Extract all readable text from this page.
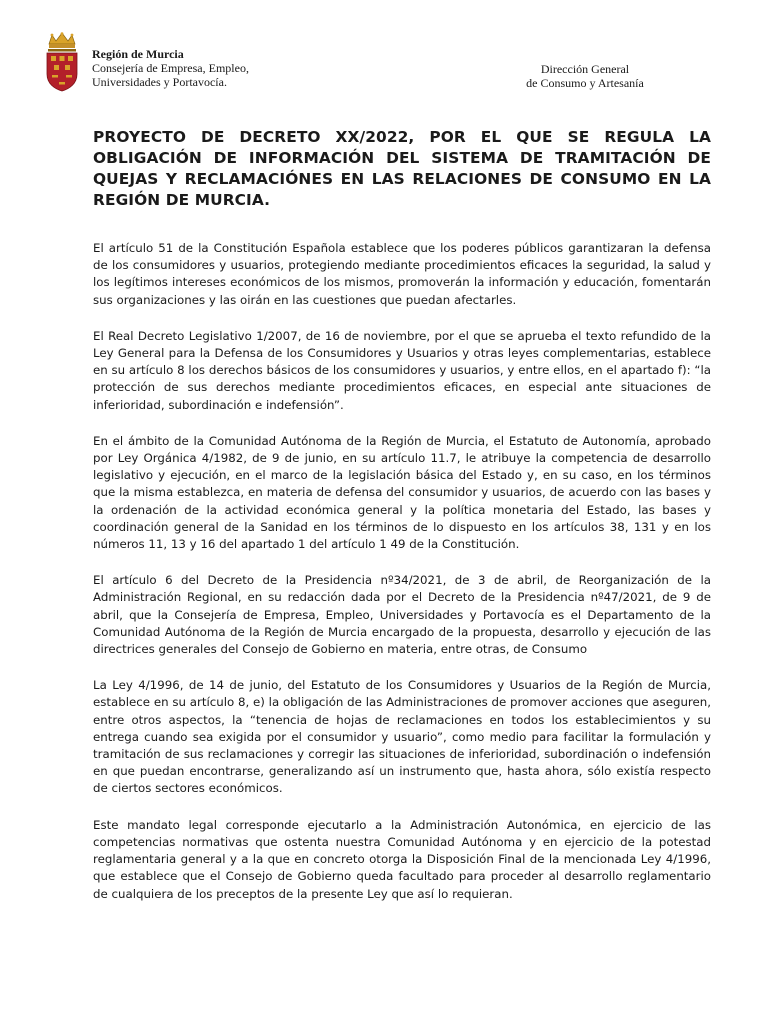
Región de Murcia
Consejería de Empresa, Empleo,
Universidades y Portavocía.
Dirección General
de Consumo y Artesanía
PROYECTO DE DECRETO XX/2022, POR EL QUE SE REGULA LA OBLIGACIÓN DE INFORMACIÓN DEL SISTEMA DE TRAMITACIÓN DE QUEJAS Y RECLAMACIÓNES EN LAS RELACIONES DE CONSUMO EN LA REGIÓN DE MURCIA.

El artículo 51 de la Constitución Española establece que los poderes públicos garantizaran la defensa de los consumidores y usuarios, protegiendo mediante procedimientos eficaces la seguridad, la salud y los legítimos intereses económicos de los mismos, promoverán la información y educación, fomentarán sus organizaciones y las oirán en las cuestiones que puedan afectarles.

El Real Decreto Legislativo 1/2007, de 16 de noviembre, por el que se aprueba el texto refundido de la Ley General para la Defensa de los Consumidores y Usuarios y otras leyes complementarias, establece en su artículo 8 los derechos básicos de los consumidores y usuarios, y entre ellos, en el apartado f): “la protección de sus derechos mediante procedimientos eficaces, en especial ante situaciones de inferioridad, subordinación e indefensión”.

En el ámbito de la Comunidad Autónoma de la Región de Murcia, el Estatuto de Autonomía, aprobado por Ley Orgánica 4/1982, de 9 de junio, en su artículo 11.7, le atribuye la competencia de desarrollo legislativo y ejecución, en el marco de la legislación básica del Estado y, en su caso, en los términos que la misma establezca, en materia de defensa del consumidor y usuarios, de acuerdo con las bases y la ordenación de la actividad económica general y la política monetaria del Estado, las bases y coordinación general de la Sanidad en los términos de lo dispuesto en los artículos 38, 131 y en los números 11, 13 y 16 del apartado 1 del artículo 1 49 de la Constitución.

El artículo 6 del Decreto de la Presidencia nº34/2021, de 3 de abril, de Reorganización de la Administración Regional, en su redacción dada por el Decreto de la Presidencia nº47/2021, de 9 de abril, que la Consejería de Empresa, Empleo, Universidades y Portavocía es el Departamento de la Comunidad Autónoma de la Región de Murcia encargado de la propuesta, desarrollo y ejecución de las directrices generales del Consejo de Gobierno en materia, entre otras, de Consumo

La Ley 4/1996, de 14 de junio, del Estatuto de los Consumidores y Usuarios de la Región de Murcia, establece en su artículo 8, e) la obligación de las Administraciones de promover acciones que aseguren, entre otros aspectos, la “tenencia de hojas de reclamaciones en todos los establecimientos y su entrega cuando sea exigida por el consumidor y usuario”, como medio para facilitar la formulación y tramitación de sus reclamaciones y corregir las situaciones de inferioridad, subordinación o indefensión en que puedan encontrarse, generalizando así un instrumento que, hasta ahora, sólo existía respecto de ciertos sectores económicos.

Este mandato legal corresponde ejecutarlo a la Administración Autonómica, en ejercicio de las competencias normativas que ostenta nuestra Comunidad Autónoma y en ejercicio de la potestad reglamentaria general y a la que en concreto otorga la Disposición Final de la mencionada Ley 4/1996, que establece que el Consejo de Gobierno queda facultado para proceder al desarrollo reglamentario de cualquiera de los preceptos de la presente Ley que así lo requieran.
